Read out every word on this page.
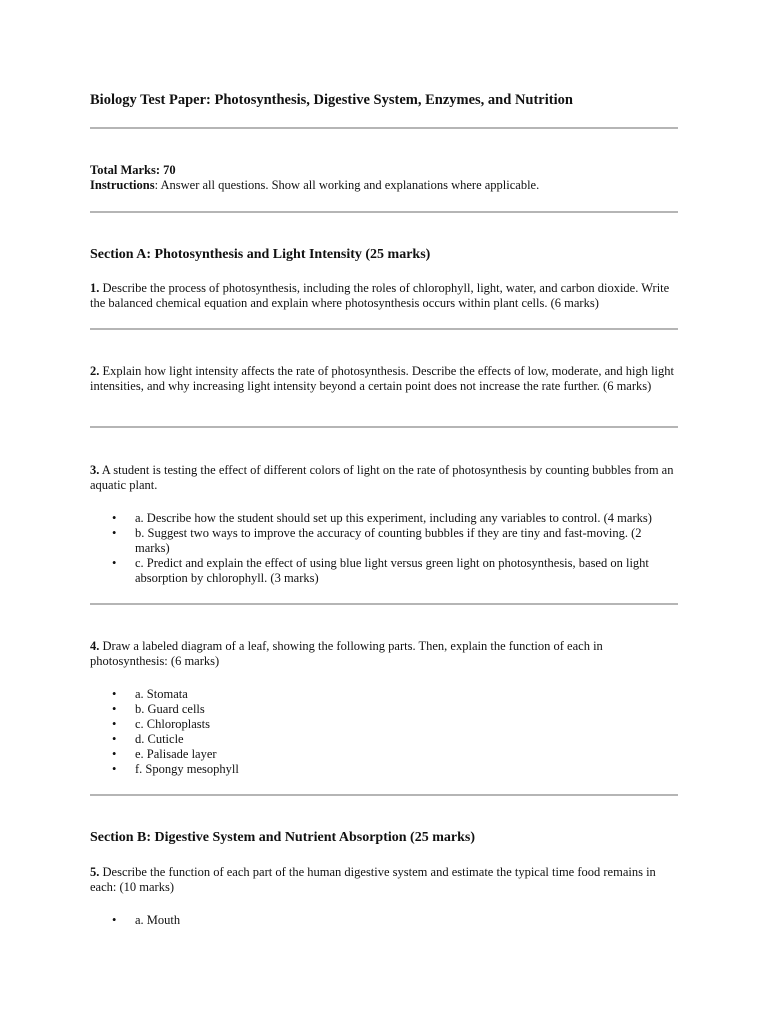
Biology Test Paper: Photosynthesis, Digestive System, Enzymes, and Nutrition
Total Marks: 70
Instructions: Answer all questions. Show all working and explanations where applicable.
Section A: Photosynthesis and Light Intensity (25 marks)

1. Describe the process of photosynthesis, including the roles of chlorophyll, light, water, and carbon dioxide. Write the balanced chemical equation and explain where photosynthesis occurs within plant cells. (6 marks)

2. Explain how light intensity affects the rate of photosynthesis. Describe the effects of low, moderate, and high light intensities, and why increasing light intensity beyond a certain point does not increase the rate further. (6 marks)

3. A student is testing the effect of different colors of light on the rate of photosynthesis by counting bubbles from an aquatic plant.

• a. Describe how the student should set up this experiment, including any variables to control. (4 marks)
• b. Suggest two ways to improve the accuracy of counting bubbles if they are tiny and fast-moving. (2 marks)
• c. Predict and explain the effect of using blue light versus green light on photosynthesis, based on light absorption by chlorophyll. (3 marks)

4. Draw a labeled diagram of a leaf, showing the following parts. Then, explain the function of each in photosynthesis: (6 marks)

• a. Stomata
• b. Guard cells
• c. Chloroplasts
• d. Cuticle
• e. Palisade layer
• f. Spongy mesophyll
Section B: Digestive System and Nutrient Absorption (25 marks)

5. Describe the function of each part of the human digestive system and estimate the typical time food remains in each: (10 marks)

• a. Mouth
